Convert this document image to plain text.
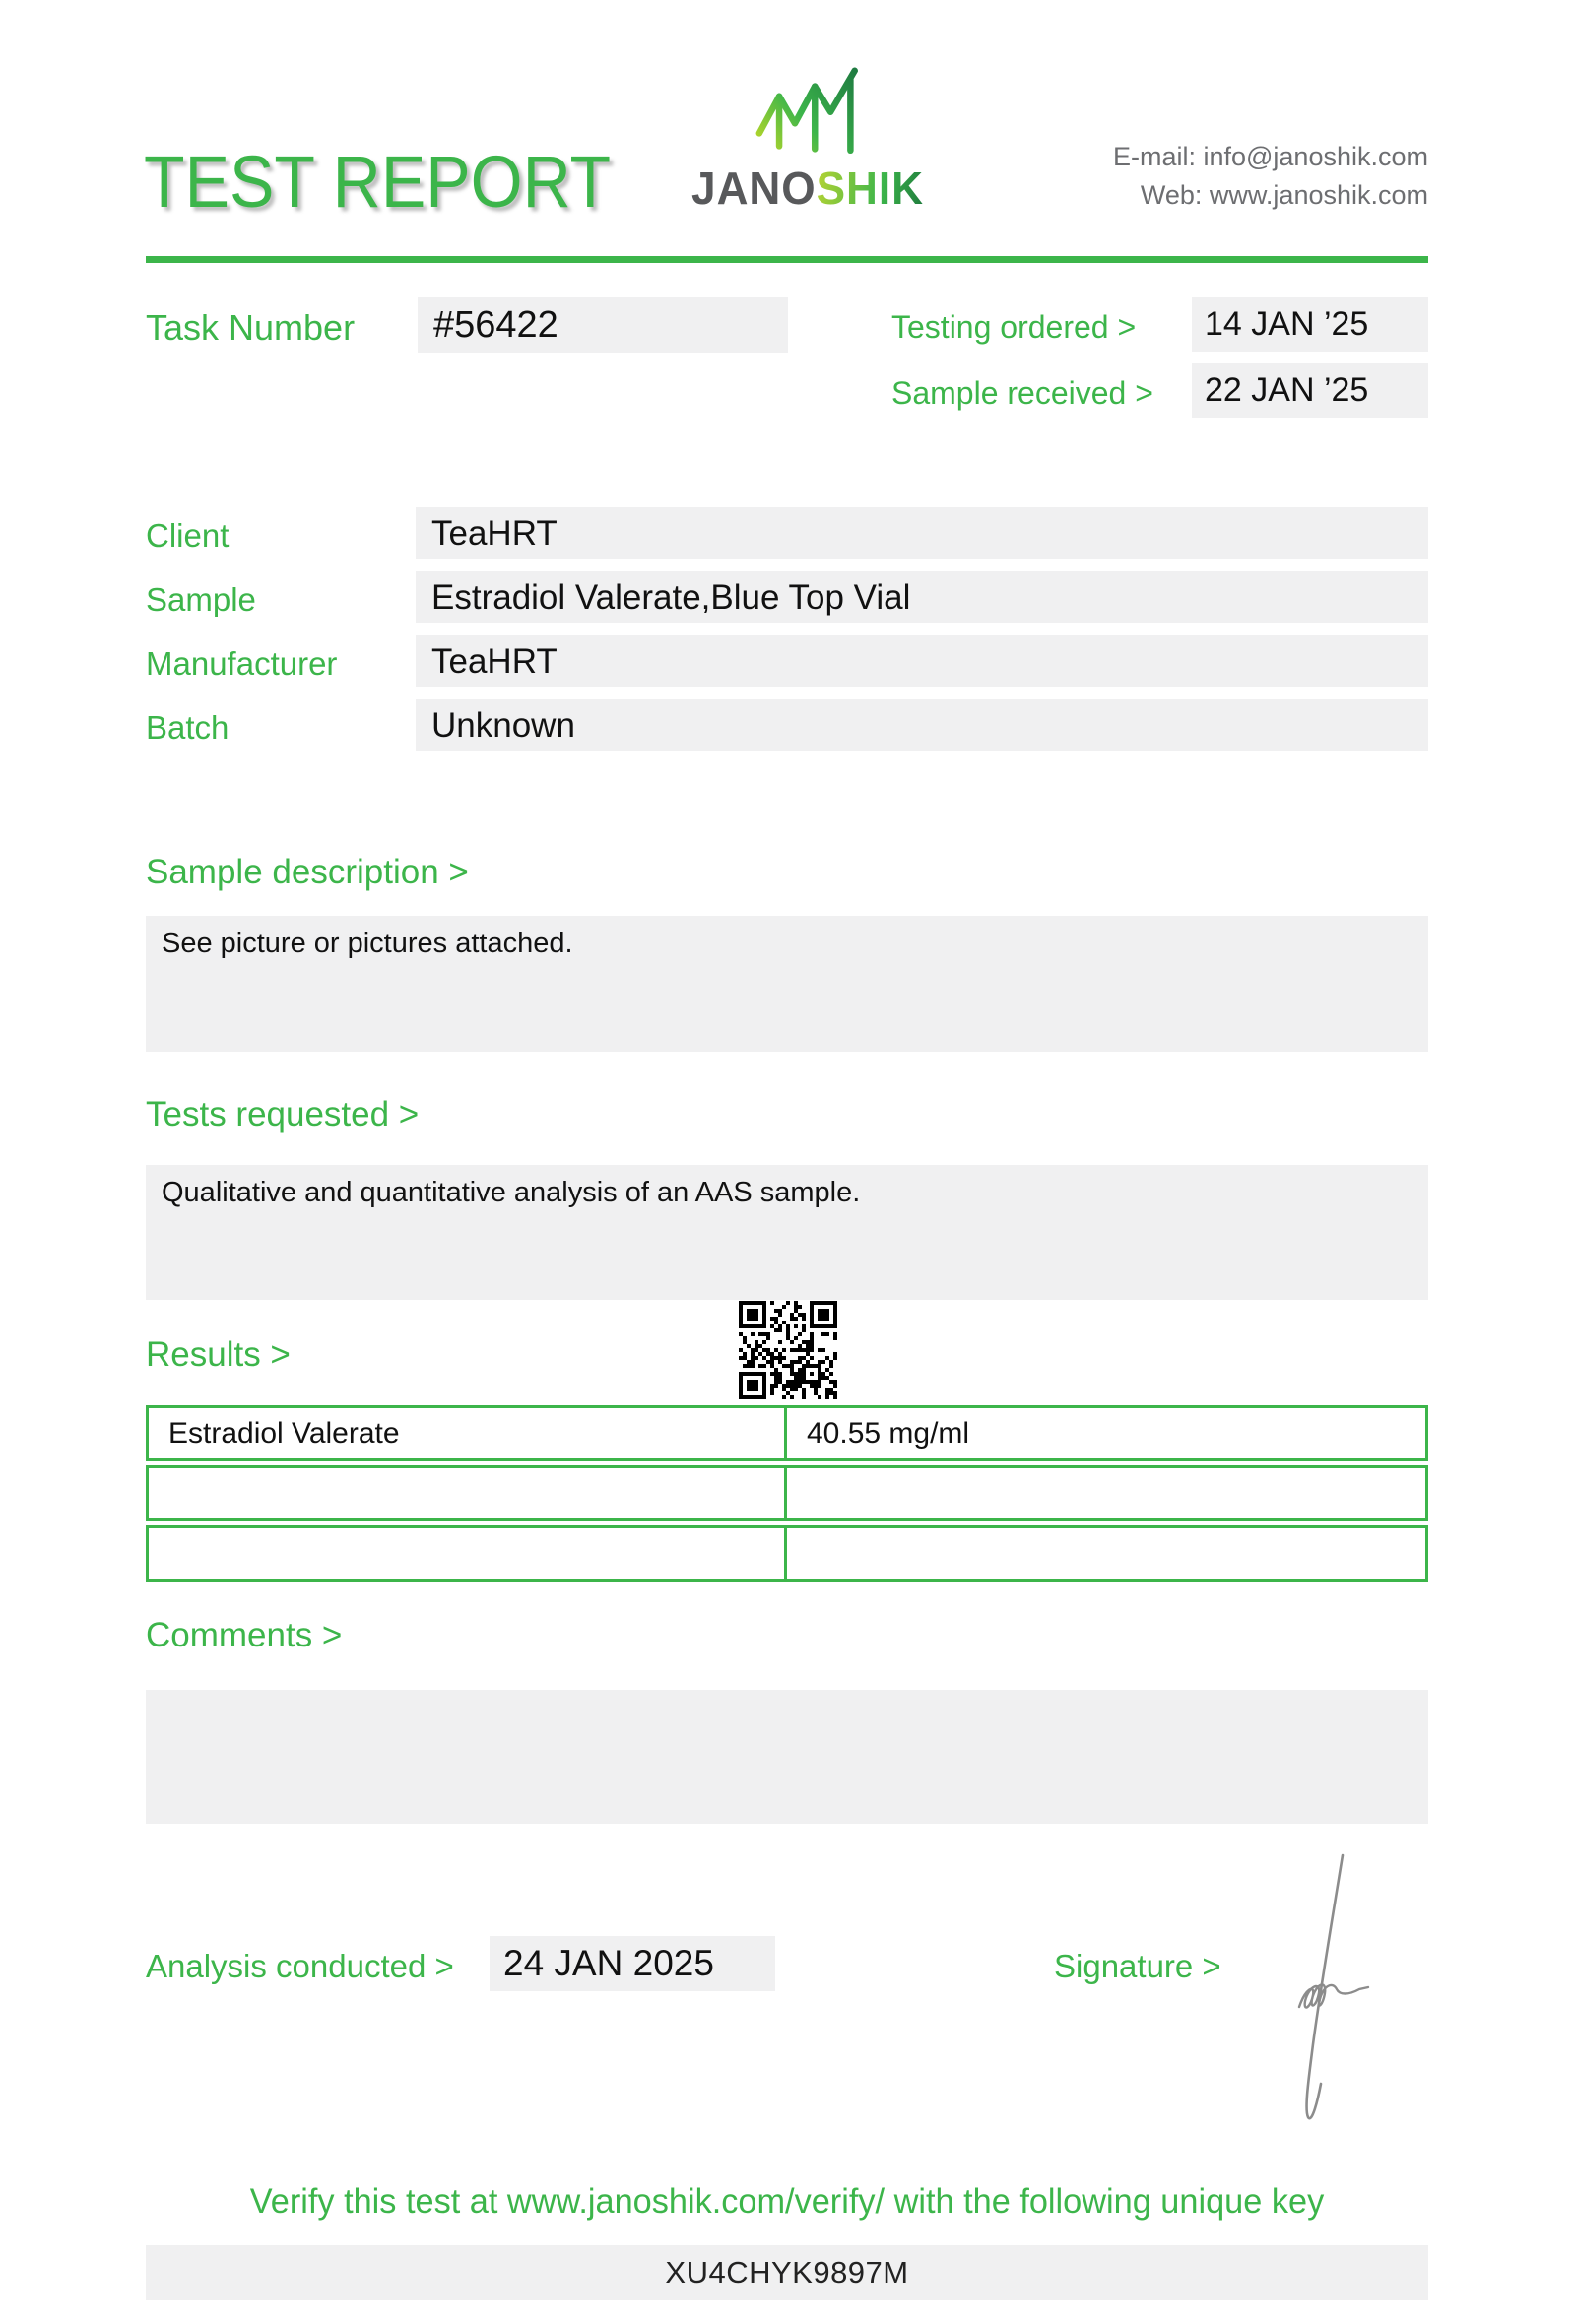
TEST REPORT JANOSHIK
E-mail: info@janoshik.com
Web: www.janoshik.com
Task Number	#56422	Testing ordered >	14 JAN ’25
Sample received >	22 JAN ’25
Client	TeaHRT
Sample	Estradiol Valerate,Blue Top Vial
Manufacturer	TeaHRT
Batch	Unknown
Sample description >
See picture or pictures attached.
Tests requested >
Qualitative and quantitative analysis of an AAS sample.
Results >
Estradiol Valerate	40.55 mg/ml
Comments >
Analysis conducted >	24 JAN 2025	Signature >
Verify this test at www.janoshik.com/verify/ with the following unique key
XU4CHYK9897M
